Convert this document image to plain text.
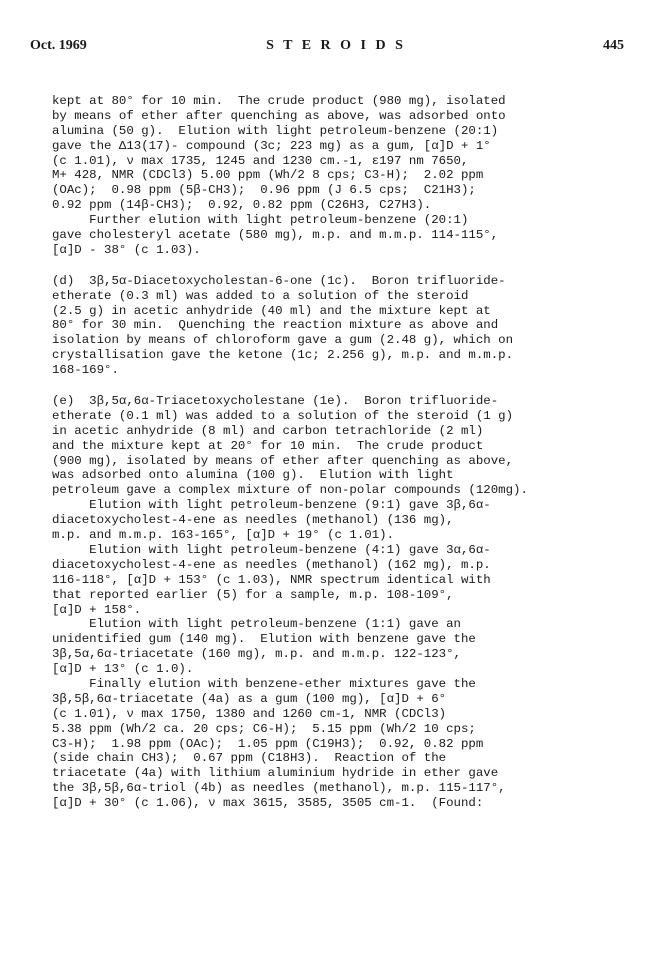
Oct. 1969	S T E R O I D S	445
kept at 80° for 10 min.  The crude product (980 mg), isolated
by means of ether after quenching as above, was adsorbed onto
alumina (50 g).  Elution with light petroleum-benzene (20:1)
gave the Δ13(17)- compound (3c; 223 mg) as a gum, [α]D + 1°
(c 1.01), ν max 1735, 1245 and 1230 cm.-1, ε197 nm 7650,
M+ 428, NMR (CDCl3) 5.00 ppm (Wh/2 8 cps; C3-H);  2.02 ppm
(OAc);  0.98 ppm (5β-CH3);  0.96 ppm (J 6.5 cps;  C21H3);
0.92 ppm (14β-CH3);  0.92, 0.82 ppm (C26H3, C27H3).
Further elution with light petroleum-benzene (20:1)
gave cholesteryl acetate (580 mg), m.p. and m.m.p. 114-115°,
[α]D - 38° (c 1.03).
(d)  3β,5α-Diacetoxycholestan-6-one (1c).  Boron trifluoride-
etherate (0.3 ml) was added to a solution of the steroid
(2.5 g) in acetic anhydride (40 ml) and the mixture kept at
80° for 30 min.  Quenching the reaction mixture as above and
isolation by means of chloroform gave a gum (2.48 g), which on
crystallisation gave the ketone (1c; 2.256 g), m.p. and m.m.p.
168-169°.
(e)  3β,5α,6α-Triacetoxycholestane (1e).  Boron trifluoride-
etherate (0.1 ml) was added to a solution of the steroid (1 g)
in acetic anhydride (8 ml) and carbon tetrachloride (2 ml)
and the mixture kept at 20° for 10 min.  The crude product
(900 mg), isolated by means of ether after quenching as above,
was adsorbed onto alumina (100 g).  Elution with light
petroleum gave a complex mixture of non-polar compounds (120mg).
Elution with light petroleum-benzene (9:1) gave 3β,6α-
diacetoxycholest-4-ene as needles (methanol) (136 mg),
m.p. and m.m.p. 163-165°, [α]D + 19° (c 1.01).
Elution with light petroleum-benzene (4:1) gave 3α,6α-
diacetoxycholest-4-ene as needles (methanol) (162 mg), m.p.
116-118°, [α]D + 153° (c 1.03), NMR spectrum identical with
that reported earlier (5) for a sample, m.p. 108-109°,
[α]D + 158°.
Elution with light petroleum-benzene (1:1) gave an
unidentified gum (140 mg).  Elution with benzene gave the
3β,5α,6α-triacetate (160 mg), m.p. and m.m.p. 122-123°,
[α]D + 13° (c 1.0).
Finally elution with benzene-ether mixtures gave the
3β,5β,6α-triacetate (4a) as a gum (100 mg), [α]D + 6°
(c 1.01), ν max 1750, 1380 and 1260 cm-1, NMR (CDCl3)
5.38 ppm (Wh/2 ca. 20 cps; C6-H);  5.15 ppm (Wh/2 10 cps;
C3-H);  1.98 ppm (OAc);  1.05 ppm (C19H3);  0.92, 0.82 ppm
(side chain CH3);  0.67 ppm (C18H3).  Reaction of the
triacetate (4a) with lithium aluminium hydride in ether gave
the 3β,5β,6α-triol (4b) as needles (methanol), m.p. 115-117°,
[α]D + 30° (c 1.06), ν max 3615, 3585, 3505 cm-1.  (Found:
